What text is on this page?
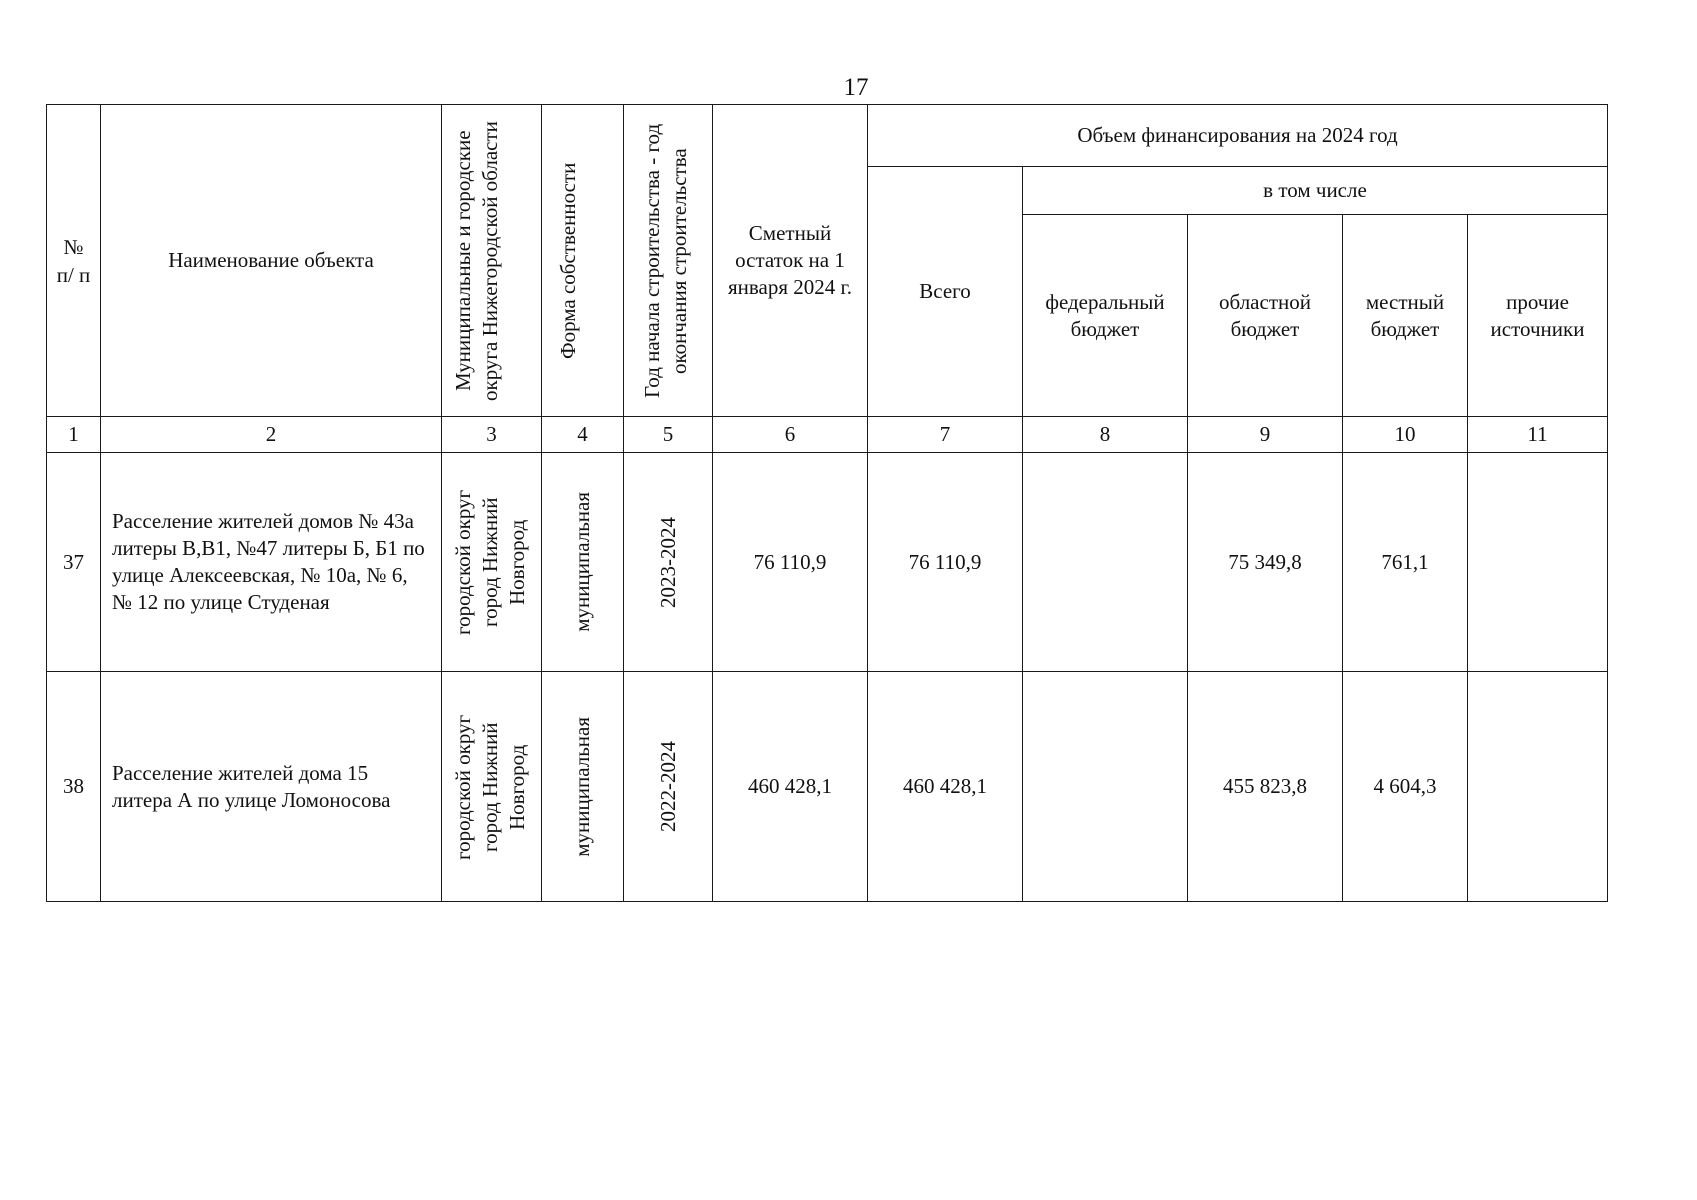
17
№ п/ п	Наименование объекта	Муниципальные и городские округа Нижегородской области	Форма собственности	Год начала строительства - год окончания строительства	Сметный остаток на 1 января 2024 г.	Объем финансирования на 2024 год				
						Всего	в том числе			

							федеральный бюджет	областной бюджет	местный бюджет	прочие источники

1	2	3	4	5	6	7	8	9	10	11
37	Расселение жителей домов № 43а литеры В,В1, №47 литеры Б, Б1 по улице Алексеевская, № 10а, № 6, № 12 по улице Студеная	городской округ город Нижний Новгород	муниципальная	2023-2024	76 110,9	76 110,9		75 349,8	761,1	
38	Расселение жителей дома 15 литера А по улице Ломоносова	городской округ город Нижний Новгород	муниципальная	2022-2024	460 428,1	460 428,1		455 823,8	4 604,3	
